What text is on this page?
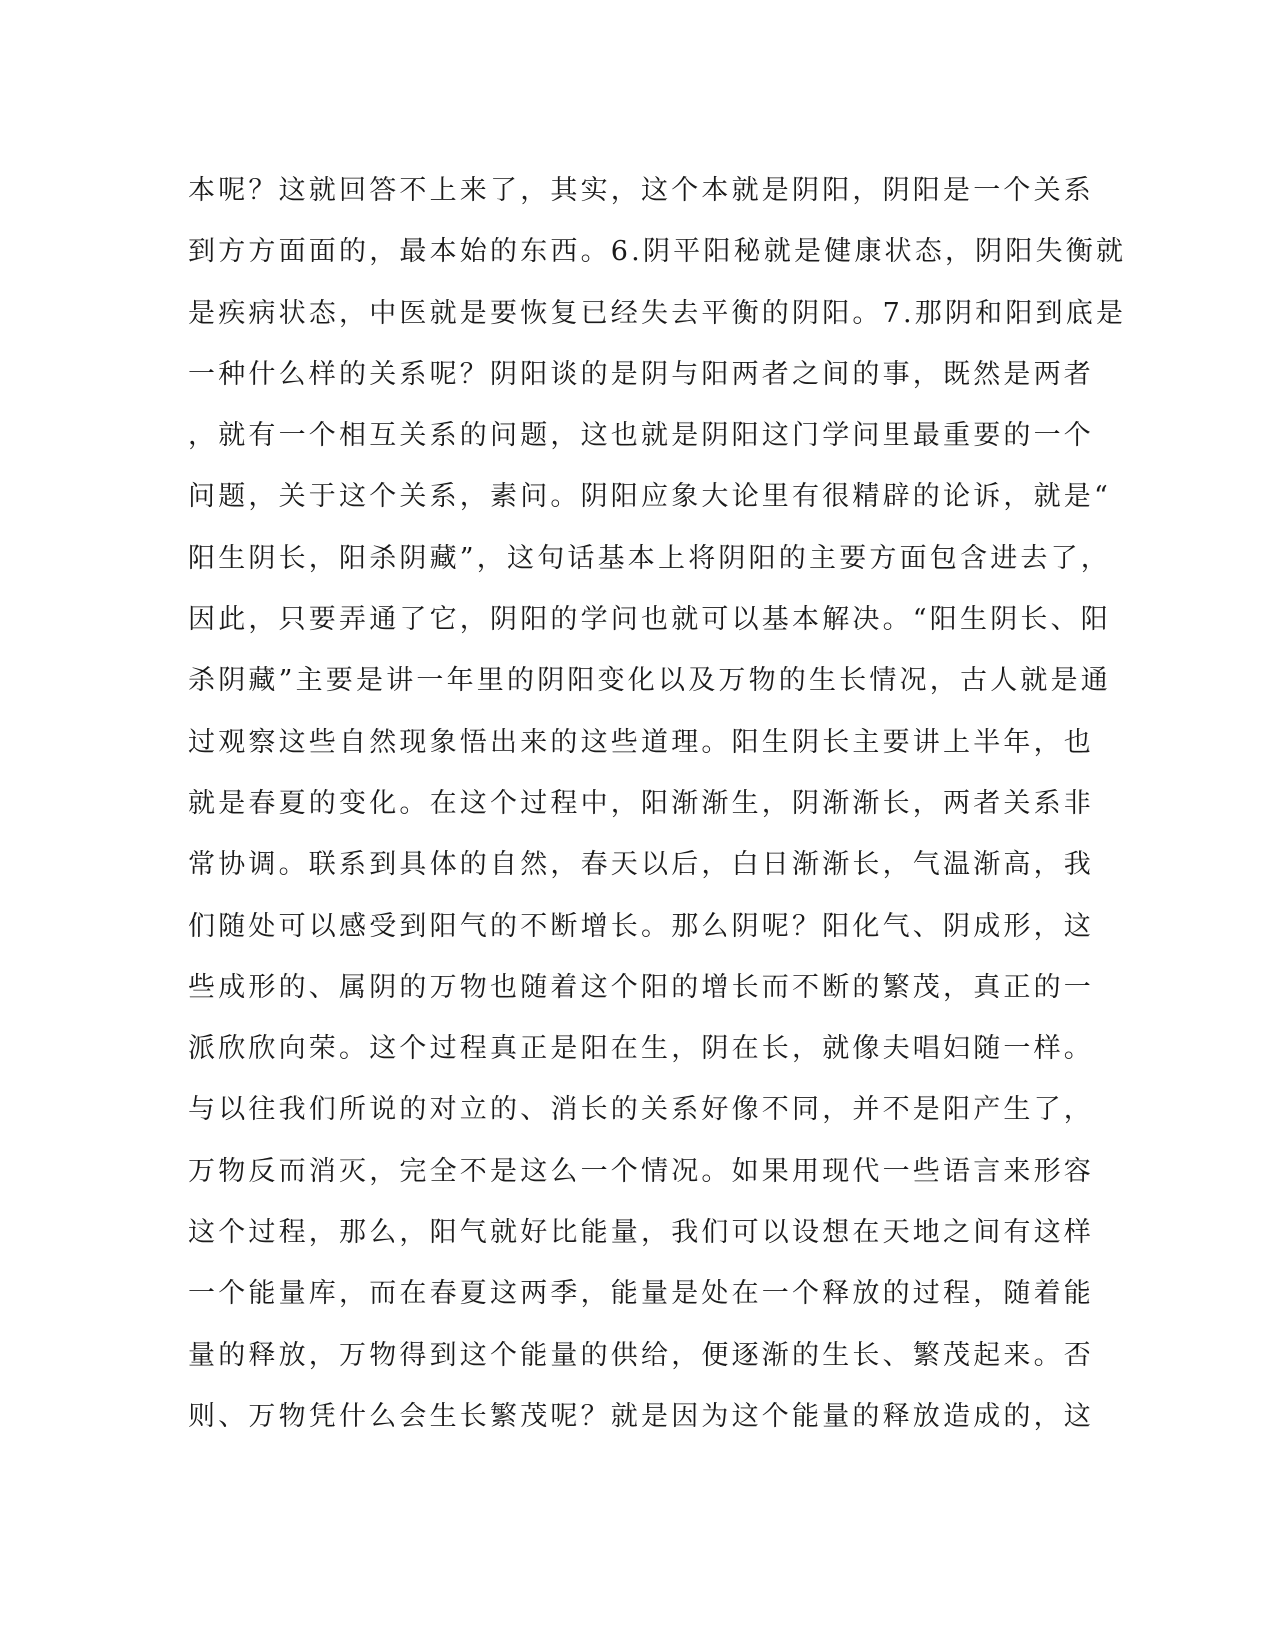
本呢？这就回答不上来了，其实，这个本就是阴阳，阴阳是一个关系
到方方面面的，最本始的东西。6.阴平阳秘就是健康状态，阴阳失衡就
是疾病状态，中医就是要恢复已经失去平衡的阴阳。7.那阴和阳到底是
一种什么样的关系呢？阴阳谈的是阴与阳两者之间的事，既然是两者
，就有一个相互关系的问题，这也就是阴阳这门学问里最重要的一个
问题，关于这个关系，素问。阴阳应象大论里有很精辟的论诉，就是“
阳生阴长，阳杀阴藏”，这句话基本上将阴阳的主要方面包含进去了，
因此，只要弄通了它，阴阳的学问也就可以基本解决。“阳生阴长、阳
杀阴藏”主要是讲一年里的阴阳变化以及万物的生长情况，古人就是通
过观察这些自然现象悟出来的这些道理。阳生阴长主要讲上半年，也
就是春夏的变化。在这个过程中，阳渐渐生，阴渐渐长，两者关系非
常协调。联系到具体的自然，春天以后，白日渐渐长，气温渐高，我
们随处可以感受到阳气的不断增长。那么阴呢？阳化气、阴成形，这
些成形的、属阴的万物也随着这个阳的增长而不断的繁茂，真正的一
派欣欣向荣。这个过程真正是阳在生，阴在长，就像夫唱妇随一样。
与以往我们所说的对立的、消长的关系好像不同，并不是阳产生了，
万物反而消灭，完全不是这么一个情况。如果用现代一些语言来形容
这个过程，那么，阳气就好比能量，我们可以设想在天地之间有这样
一个能量库，而在春夏这两季，能量是处在一个释放的过程，随着能
量的释放，万物得到这个能量的供给，便逐渐的生长、繁茂起来。否
则、万物凭什么会生长繁茂呢？就是因为这个能量的释放造成的，这
